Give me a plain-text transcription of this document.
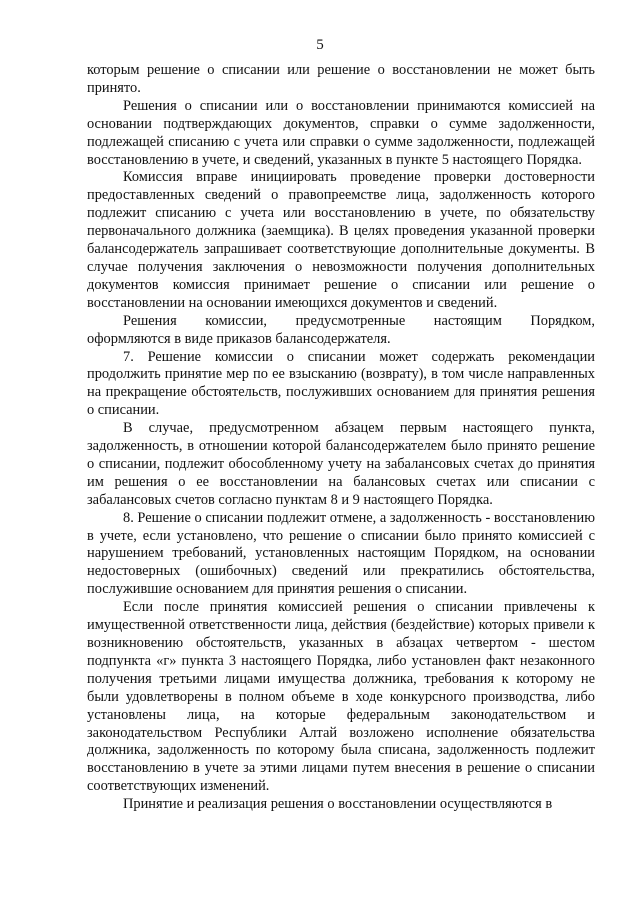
5

которым решение о списании или решение о восстановлении не может быть принято.

Решения о списании или о восстановлении принимаются комиссией на основании подтверждающих документов, справки о сумме задолженности, подлежащей списанию с учета или справки о сумме задолженности, подлежащей восстановлению в учете, и сведений, указанных в пункте 5 настоящего Порядка.

Комиссия вправе инициировать проведение проверки достоверности предоставленных сведений о правопреемстве лица, задолженность которого подлежит списанию с учета или восстановлению в учете, по обязательству первоначального должника (заемщика). В целях проведения указанной проверки балансодержатель запрашивает соответствующие дополнительные документы. В случае получения заключения о невозможности получения дополнительных документов комиссия принимает решение о списании или решение о восстановлении на основании имеющихся документов и сведений.

Решения комиссии, предусмотренные настоящим Порядком,

оформляются в виде приказов балансодержателя.

7. Решение комиссии о списании может содержать рекомендации продолжить принятие мер по ее взысканию (возврату), в том числе направленных на прекращение обстоятельств, послуживших основанием для принятия решения о списании.

В случае, предусмотренном абзацем первым настоящего пункта, задолженность, в отношении которой балансодержателем было принято решение о списании, подлежит обособленному учету на забалансовых счетах до принятия им решения о ее восстановлении на балансовых счетах или списании с забалансовых счетов согласно пунктам 8 и 9 настоящего Порядка.

8. Решение о списании подлежит отмене, а задолженность - восстановлению в учете, если установлено, что решение о списании было принято комиссией с нарушением требований, установленных настоящим Порядком, на основании недостоверных (ошибочных) сведений или прекратились обстоятельства, послужившие основанием для принятия решения о списании.

Если после принятия комиссией решения о списании привлечены к имущественной ответственности лица, действия (бездействие) которых привели к возникновению обстоятельств, указанных в абзацах четвертом - шестом подпункта «г» пункта 3 настоящего Порядка, либо установлен факт незаконного получения третьими лицами имущества должника, требования к которому не были удовлетворены в полном объеме в ходе конкурсного производства, либо установлены лица, на которые федеральным законодательством и законодательством Республики Алтай возложено исполнение обязательства должника, задолженность по которому была списана, задолженность подлежит восстановлению в учете за этими лицами путем внесения в решение о списании соответствующих изменений.

Принятие и реализация решения о восстановлении осуществляются в
